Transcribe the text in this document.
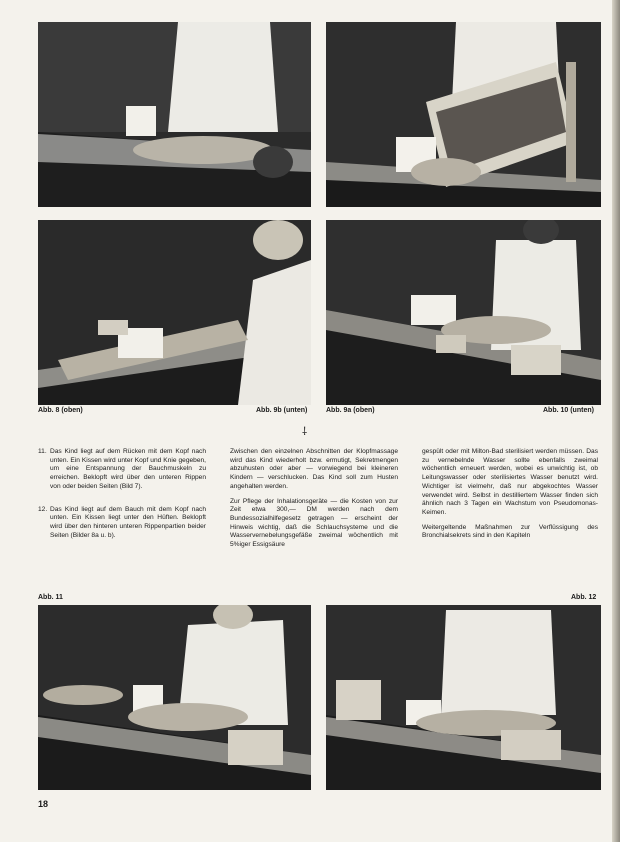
Abb. 8 (oben)	Abb. 9b (unten)	Abb. 9a (oben)	Abb. 10 (unten)
⸸
11. Das Kind liegt auf dem Rücken mit dem Kopf nach unten. Ein Kissen wird unter Kopf und Knie gegeben, um eine Entspannung der Bauchmuskeln zu erreichen. Beklopft wird über den unteren Rippen von oder beiden Seiten (Bild 7).
12. Das Kind liegt auf dem Bauch mit dem Kopf nach unten. Ein Kissen liegt unter den Hüften. Beklopft wird über den hinteren unteren Rippenpartien beider Seiten (Bilder 8a u. b).

Zwischen den einzelnen Abschnitten der Klopfmassage wird das Kind wiederholt bzw. ermutigt, Sekretmengen abzuhusten oder aber — vorwiegend bei kleineren Kindern — verschlucken. Das Kind soll zum Husten angehalten werden.

Zur Pflege der Inhalationsgeräte — die Kosten von zur Zeit etwa 300,— DM werden nach dem Bundessozialhilfegesetz getragen — erscheint der Hinweis wichtig, daß die Schlauchsysteme und die Wasservernebelungsgefäße zweimal wöchentlich mit 5%iger Essigsäure

gespült oder mit Milton-Bad sterilisiert werden müssen. Das zu vernebelnde Wasser sollte ebenfalls zweimal wöchentlich erneuert werden, wobei es unwichtig ist, ob Leitungswasser oder sterilisiertes Wasser benutzt wird. Wichtiger ist vielmehr, daß nur abgekochtes Wasser verwendet wird. Selbst in destilliertem Wasser finden sich ähnlich nach 3 Tagen ein Wachstum von Pseudomonas-Keimen.

Weitergeltende Maßnahmen zur Verflüssigung des Bronchialsekrets sind in den Kapiteln

Abb. 11	Abb. 12
18
